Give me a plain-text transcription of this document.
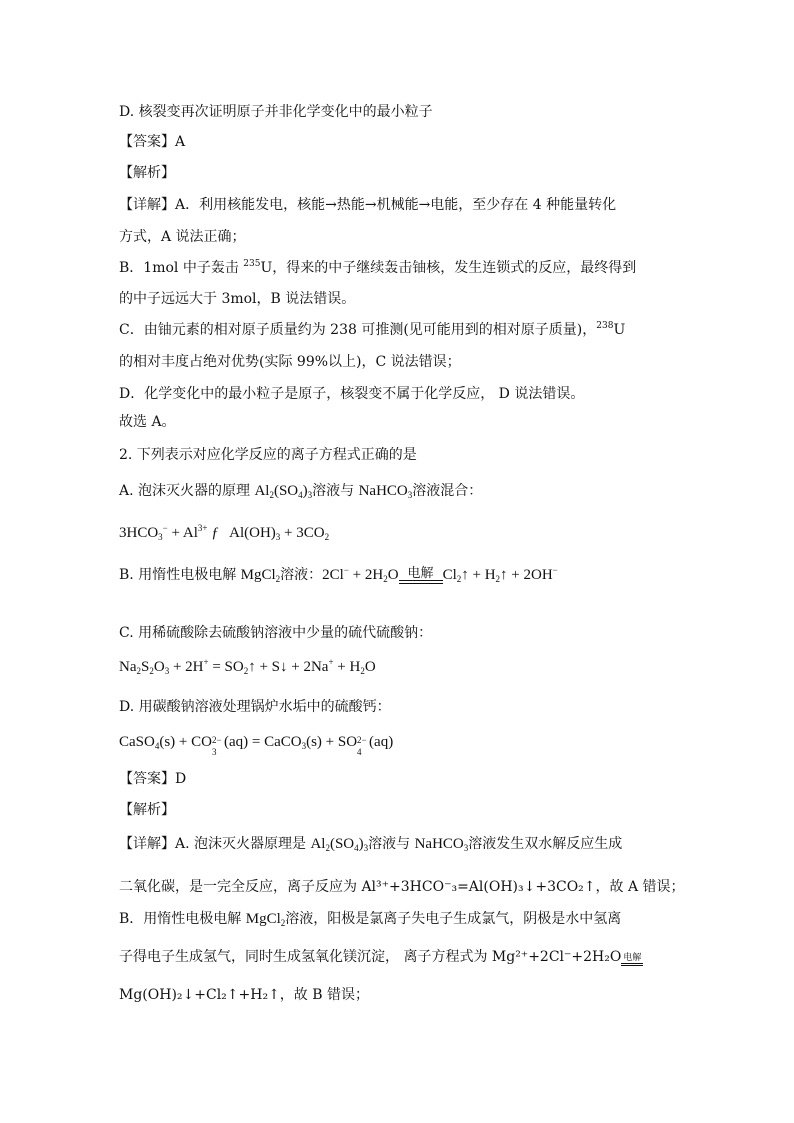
D. 核裂变再次证明原子并非化学变化中的最小粒子
【答案】A
【解析】
【详解】A．利用核能发电，核能→热能→机械能→电能，至少存在 4 种能量转化
方式，A 说法正确；
B．1mol 中子轰击 $^{235}$U，得来的中子继续轰击铀核，发生连锁式的反应，最终得到
的中子远远大于 3mol，B 说法错误。
C．由铀元素的相对原子质量约为 238 可推测(见可能用到的相对原子质量)，$^{238}$U
的相对丰度占绝对优势(实际 99%以上)，C 说法错误；
D．化学变化中的最小粒子是原子，核裂变不属于化学反应， D 说法错误。
故选 A。
2. 下列表示对应化学反应的离子方程式正确的是
A. 泡沫灭火器的原理 $Al_2(SO_4)_3$溶液与 NaHCO$_3$溶液混合：
$3HCO_3^- + Al^{3+}$ ƒ   $Al(OH)_3 + 3CO_2$
B. 用惰性电极电解 MgCl$_2$溶液：$2Cl^- + 2H_2O$ 电解 $Cl_2↑$ + $H_2↑ + 2OH^-$
C. 用稀硫酸除去硫酸钠溶液中少量的硫代硫酸钠：
$Na_2S_2O_3 + 2H^+$ = $SO_2↑$ + S↓ + $2Na^+ + H_2O$
D. 用碳酸钠溶液处理锅炉水垢中的硫酸钙：
CaSO$_4$(s) + CO 2−
3
(aq) = CaCO$_3$(s) + SO 2−
4
(aq)
【答案】D
【解析】
【详解】A. 泡沫灭火器原理是 $Al_2(SO_4)_3$溶液与 NaHCO$_3$溶液发生双水解反应生成
二氧化碳，是一完全反应，离子反应为 Al³⁺+3HCO⁻₃=Al(OH)₃↓+3CO₂↑，故 A 错误；
B．用惰性电极电解 MgCl$_2$溶液，阳极是氯离子失电子生成氯气，阴极是水中氢离
子得电子生成氢气，同时生成氢氧化镁沉淀， 离子方程式为 Mg²⁺+2Cl⁻+2H₂O 电解
Mg(OH)₂↓+Cl₂↑+H₂↑，故 B 错误；
